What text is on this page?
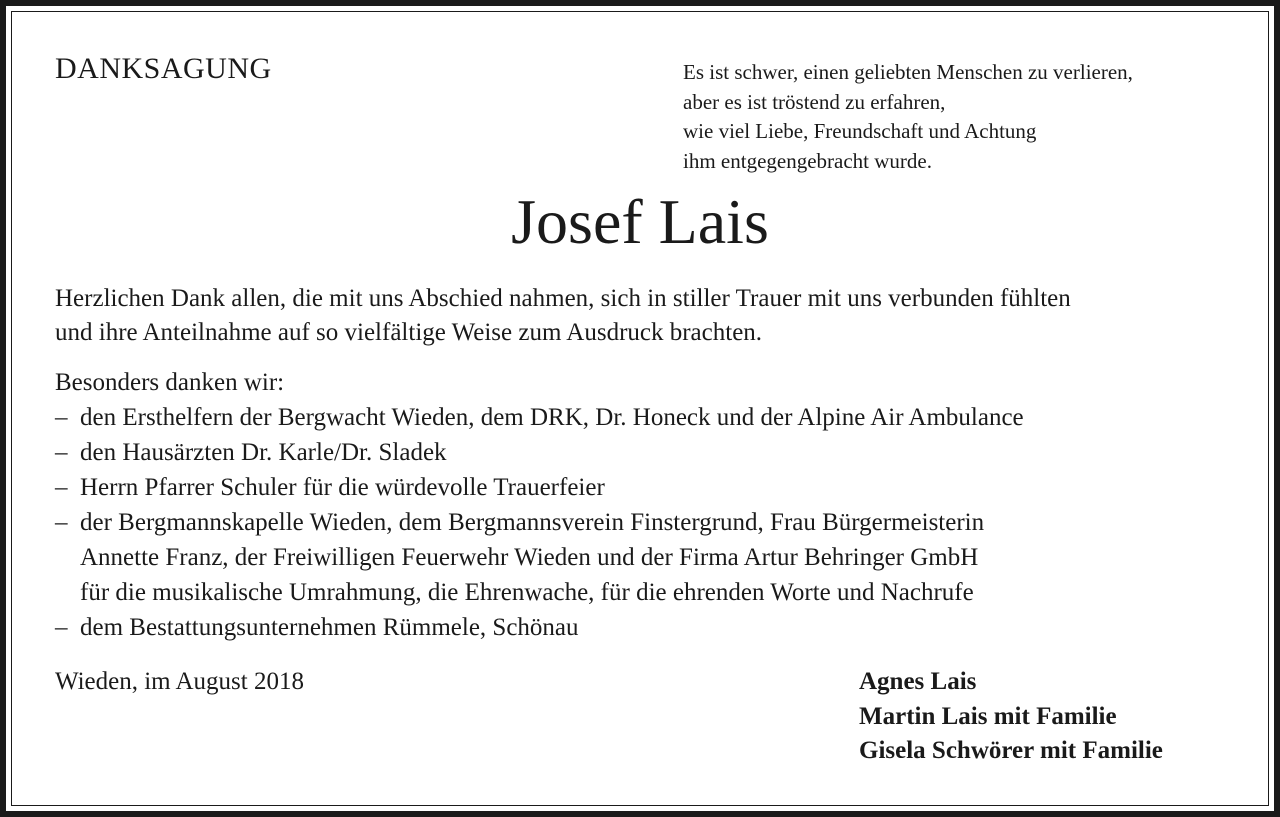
DANKSAGUNG	Es ist schwer, einen geliebten Menschen zu verlieren,
aber es ist tröstend zu erfahren,
wie viel Liebe, Freundschaft und Achtung
ihm entgegengebracht wurde.
Josef Lais

Herzlichen Dank allen, die mit uns Abschied nahmen, sich in stiller Trauer mit uns verbunden fühlten
und ihre Anteilnahme auf so vielfältige Weise zum Ausdruck brachten.

Besonders danken wir:
– den Ersthelfern der Bergwacht Wieden, dem DRK, Dr. Honeck und der Alpine Air Ambulance
– den Hausärzten Dr. Karle/Dr. Sladek
– Herrn Pfarrer Schuler für die würdevolle Trauerfeier
– der Bergmannskapelle Wieden, dem Bergmannsverein Finstergrund, Frau Bürgermeisterin
Annette Franz, der Freiwilligen Feuerwehr Wieden und der Firma Artur Behringer GmbH
für die musikalische Umrahmung, die Ehrenwache, für die ehrenden Worte und Nachrufe
– dem Bestattungsunternehmen Rümmele, Schönau
Wieden, im August 2018	Agnes Lais
Martin Lais mit Familie
Gisela Schwörer mit Familie
